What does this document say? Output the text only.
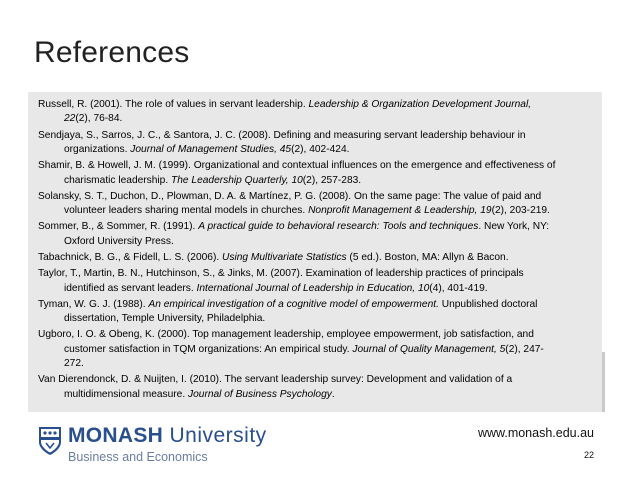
References
Russell, R. (2001). The role of values in servant leadership. Leadership & Organization Development Journal, 22(2), 76-84.
Sendjaya, S., Sarros, J. C., & Santora, J. C. (2008). Defining and measuring servant leadership behaviour in organizations. Journal of Management Studies, 45(2), 402-424.
Shamir, B. & Howell, J. M. (1999). Organizational and contextual influences on the emergence and effectiveness of charismatic leadership. The Leadership Quarterly, 10(2), 257-283.
Solansky, S. T., Duchon, D., Plowman, D. A. & Martínez, P. G. (2008). On the same page: The value of paid and volunteer leaders sharing mental models in churches. Nonprofit Management & Leadership, 19(2), 203-219.
Sommer, B., & Sommer, R. (1991). A practical guide to behavioral research: Tools and techniques. New York, NY: Oxford University Press.
Tabachnick, B. G., & Fidell, L. S. (2006). Using Multivariate Statistics (5 ed.). Boston, MA: Allyn & Bacon.
Taylor, T., Martin, B. N., Hutchinson, S., & Jinks, M. (2007). Examination of leadership practices of principals identified as servant leaders. International Journal of Leadership in Education, 10(4), 401-419.
Tyman, W. G. J. (1988). An empirical investigation of a cognitive model of empowerment. Unpublished doctoral dissertation, Temple University, Philadelphia.
Ugboro, I. O. & Obeng, K. (2000). Top management leadership, employee empowerment, job satisfaction, and customer satisfaction in TQM organizations: An empirical study. Journal of Quality Management, 5(2), 247-272.
Van Dierendonck, D. & Nuijten, I. (2010). The servant leadership survey: Development and validation of a multidimensional measure. Journal of Business Psychology.
MONASH University
Business and Economics
www.monash.edu.au
22
